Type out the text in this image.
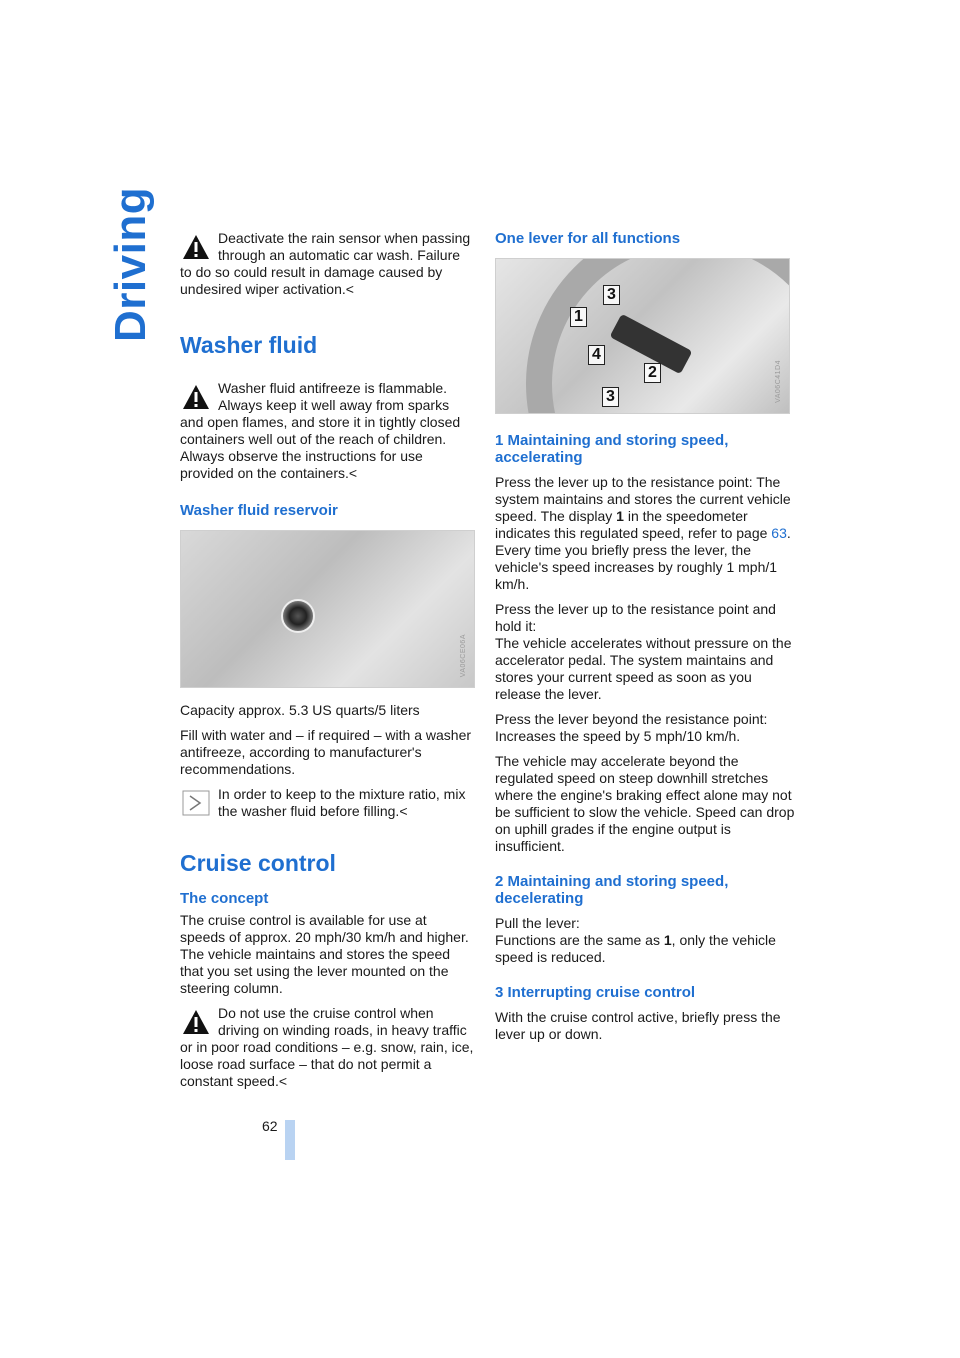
Driving	Deactivate the rain sensor when passing through an automatic car wash. Failure to do so could result in damage caused by undesired wiper activation.<
Washer fluid
Washer fluid antifreeze is flammable. Always keep it well away from sparks and open flames, and store it in tightly closed containers well out of the reach of children. Always observe the instructions for use provided on the containers.<
Washer fluid reservoir
VA06CE06A

Capacity approx. 5.3 US quarts/5 liters

Fill with water and – if required – with a washer antifreeze, according to manufacturer's recommendations.

In order to keep to the mixture ratio, mix the washer fluid before filling.<
Cruise control
The concept

The cruise control is available for use at speeds of approx. 20 mph/30 km/h and higher. The vehicle maintains and stores the speed that you set using the lever mounted on the steering column.

Do not use the cruise control when driving on winding roads, in heavy traffic or in poor road conditions – e.g. snow, rain, ice, loose road surface – that do not permit a constant speed.<
One lever for all functions
1
2
3
3
4
VA06C41D4
1 Maintaining and storing speed, accelerating

Press the lever up to the resistance point: The system maintains and stores the current vehicle speed. The display 1 in the speedometer indicates this regulated speed, refer to page 63. Every time you briefly press the lever, the vehicle's speed increases by roughly 1 mph/1 km/h.

Press the lever up to the resistance point and hold it:
The vehicle accelerates without pressure on the accelerator pedal. The system maintains and stores your current speed as soon as you release the lever.

Press the lever beyond the resistance point:
Increases the speed by 5 mph/10 km/h.

The vehicle may accelerate beyond the regulated speed on steep downhill stretches where the engine's braking effect alone may not be sufficient to slow the vehicle. Speed can drop on uphill grades if the engine output is insufficient.

2 Maintaining and storing speed, decelerating

Pull the lever:
Functions are the same as 1, only the vehicle speed is reduced.

3 Interrupting cruise control

With the cruise control active, briefly press the lever up or down.

62
